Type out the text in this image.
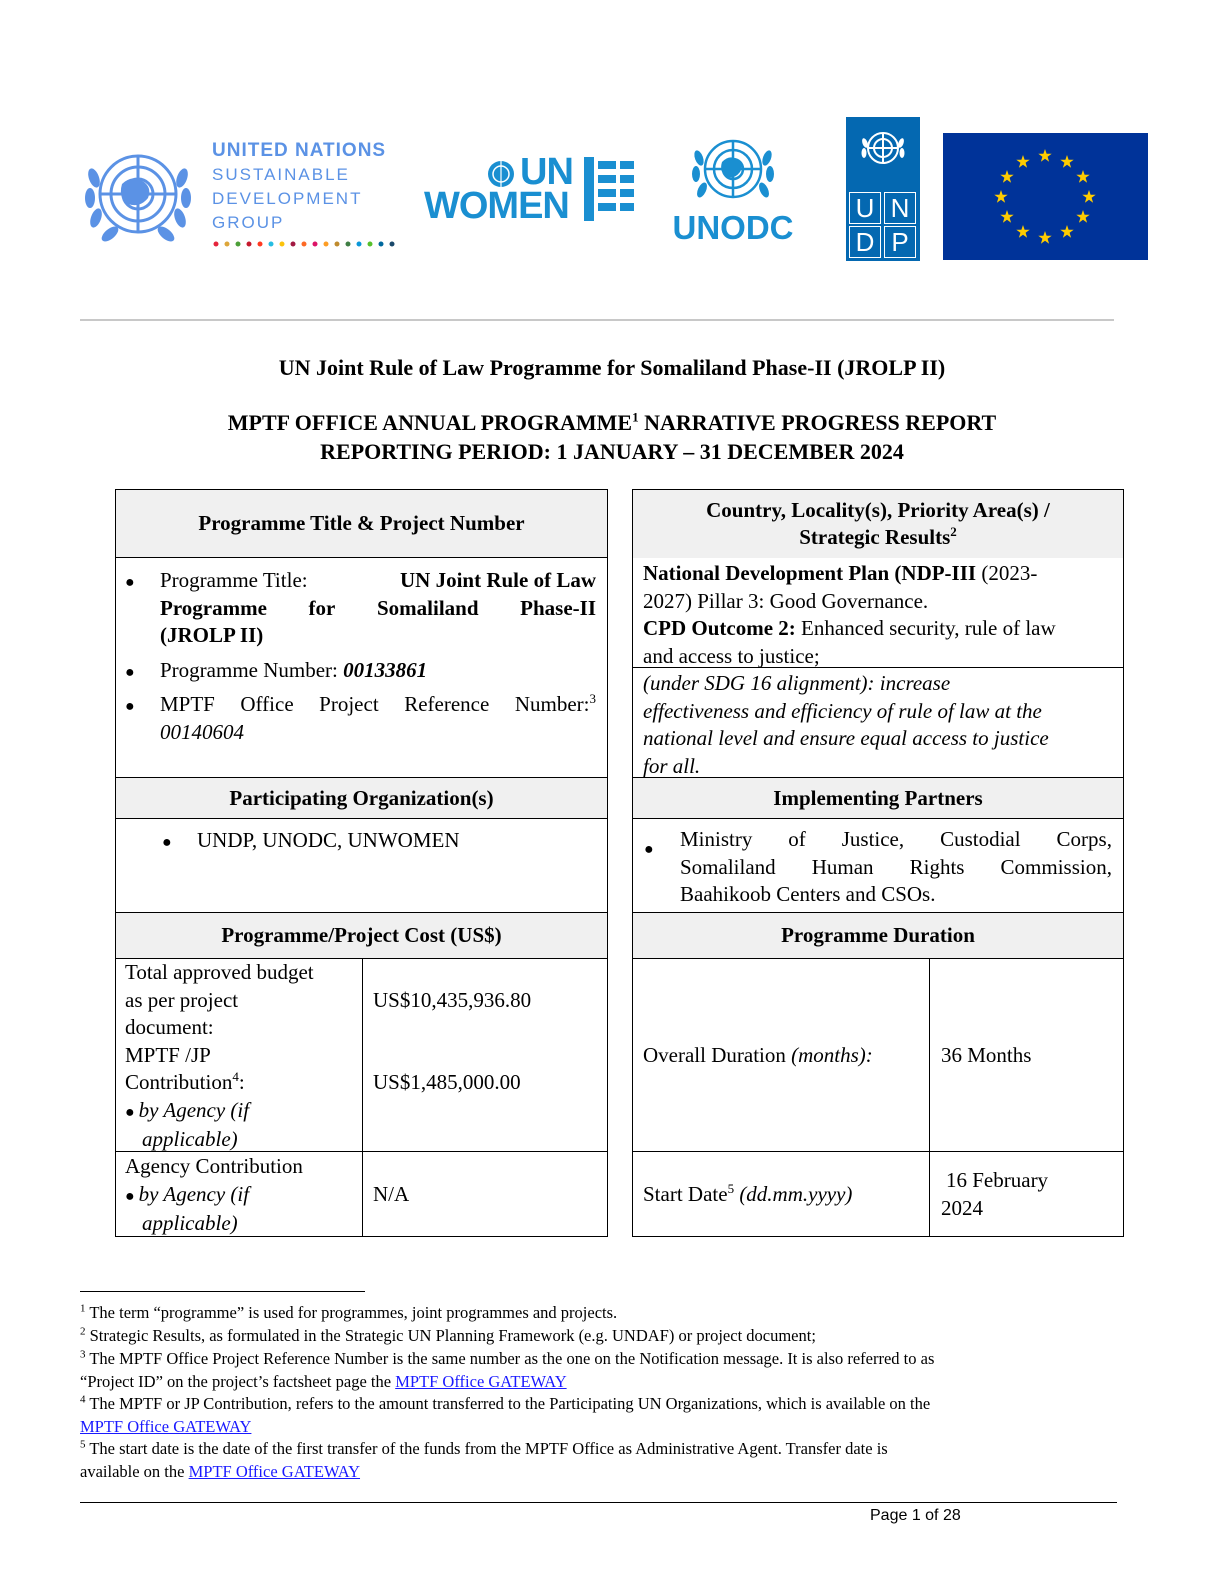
UNITED NATIONS
SUSTAINABLE
DEVELOPMENT
GROUP
UN
WOMEN
UNODC
U N
D P
UN Joint Rule of Law Programme for Somaliland Phase-II (JROLP II)
MPTF OFFICE ANNUAL PROGRAMME$^1$ NARRATIVE PROGRESS REPORT
REPORTING PERIOD: 1 JANUARY – 31 DECEMBER 2024
Programme Title & Project Number
● Programme Title:	UN Joint Rule of Law
Programme for Somaliland Phase-II
(JROLP II)
● Programme Number: 00133861
● MPTF Office Project Reference Number:$^3$
00140604
Participating Organization(s)
● UNDP, UNODC, UNWOMEN
Programme/Project Cost (US$)
Total approved budget
as per project
document:
MPTF /JP
Contribution$^4$:
● by Agency (if
applicable)
US$10,435,936.80
US$1,485,000.00
Agency Contribution
● by Agency (if
applicable)
N/A
Country, Locality(s), Priority Area(s) /
Strategic Results$^2$
National Development Plan (NDP-III (2023-
2027) Pillar 3: Good Governance.
CPD Outcome 2: Enhanced security, rule of law
and access to justice;
(under SDG 16 alignment): increase
effectiveness and efficiency of rule of law at the
national level and ensure equal access to justice
for all.
Implementing Partners
● Ministry of Justice, Custodial Corps,
Somaliland Human Rights Commission,
Baahikoob Centers and CSOs.
Programme Duration
Overall Duration (months):	36 Months
Start Date$^5$ (dd.mm.yyyy)
16 February
2024
$^1$ The term “programme” is used for programmes, joint programmes and projects.
$^2$ Strategic Results, as formulated in the Strategic UN Planning Framework (e.g. UNDAF) or project document;
$^3$ The MPTF Office Project Reference Number is the same number as the one on the Notification message. It is also referred to as
“Project ID” on the project’s factsheet page the MPTF Office GATEWAY
$^4$ The MPTF or JP Contribution, refers to the amount transferred to the Participating UN Organizations, which is available on the
MPTF Office GATEWAY
$^5$ The start date is the date of the first transfer of the funds from the MPTF Office as Administrative Agent. Transfer date is
available on the MPTF Office GATEWAY
Page 1 of 28
